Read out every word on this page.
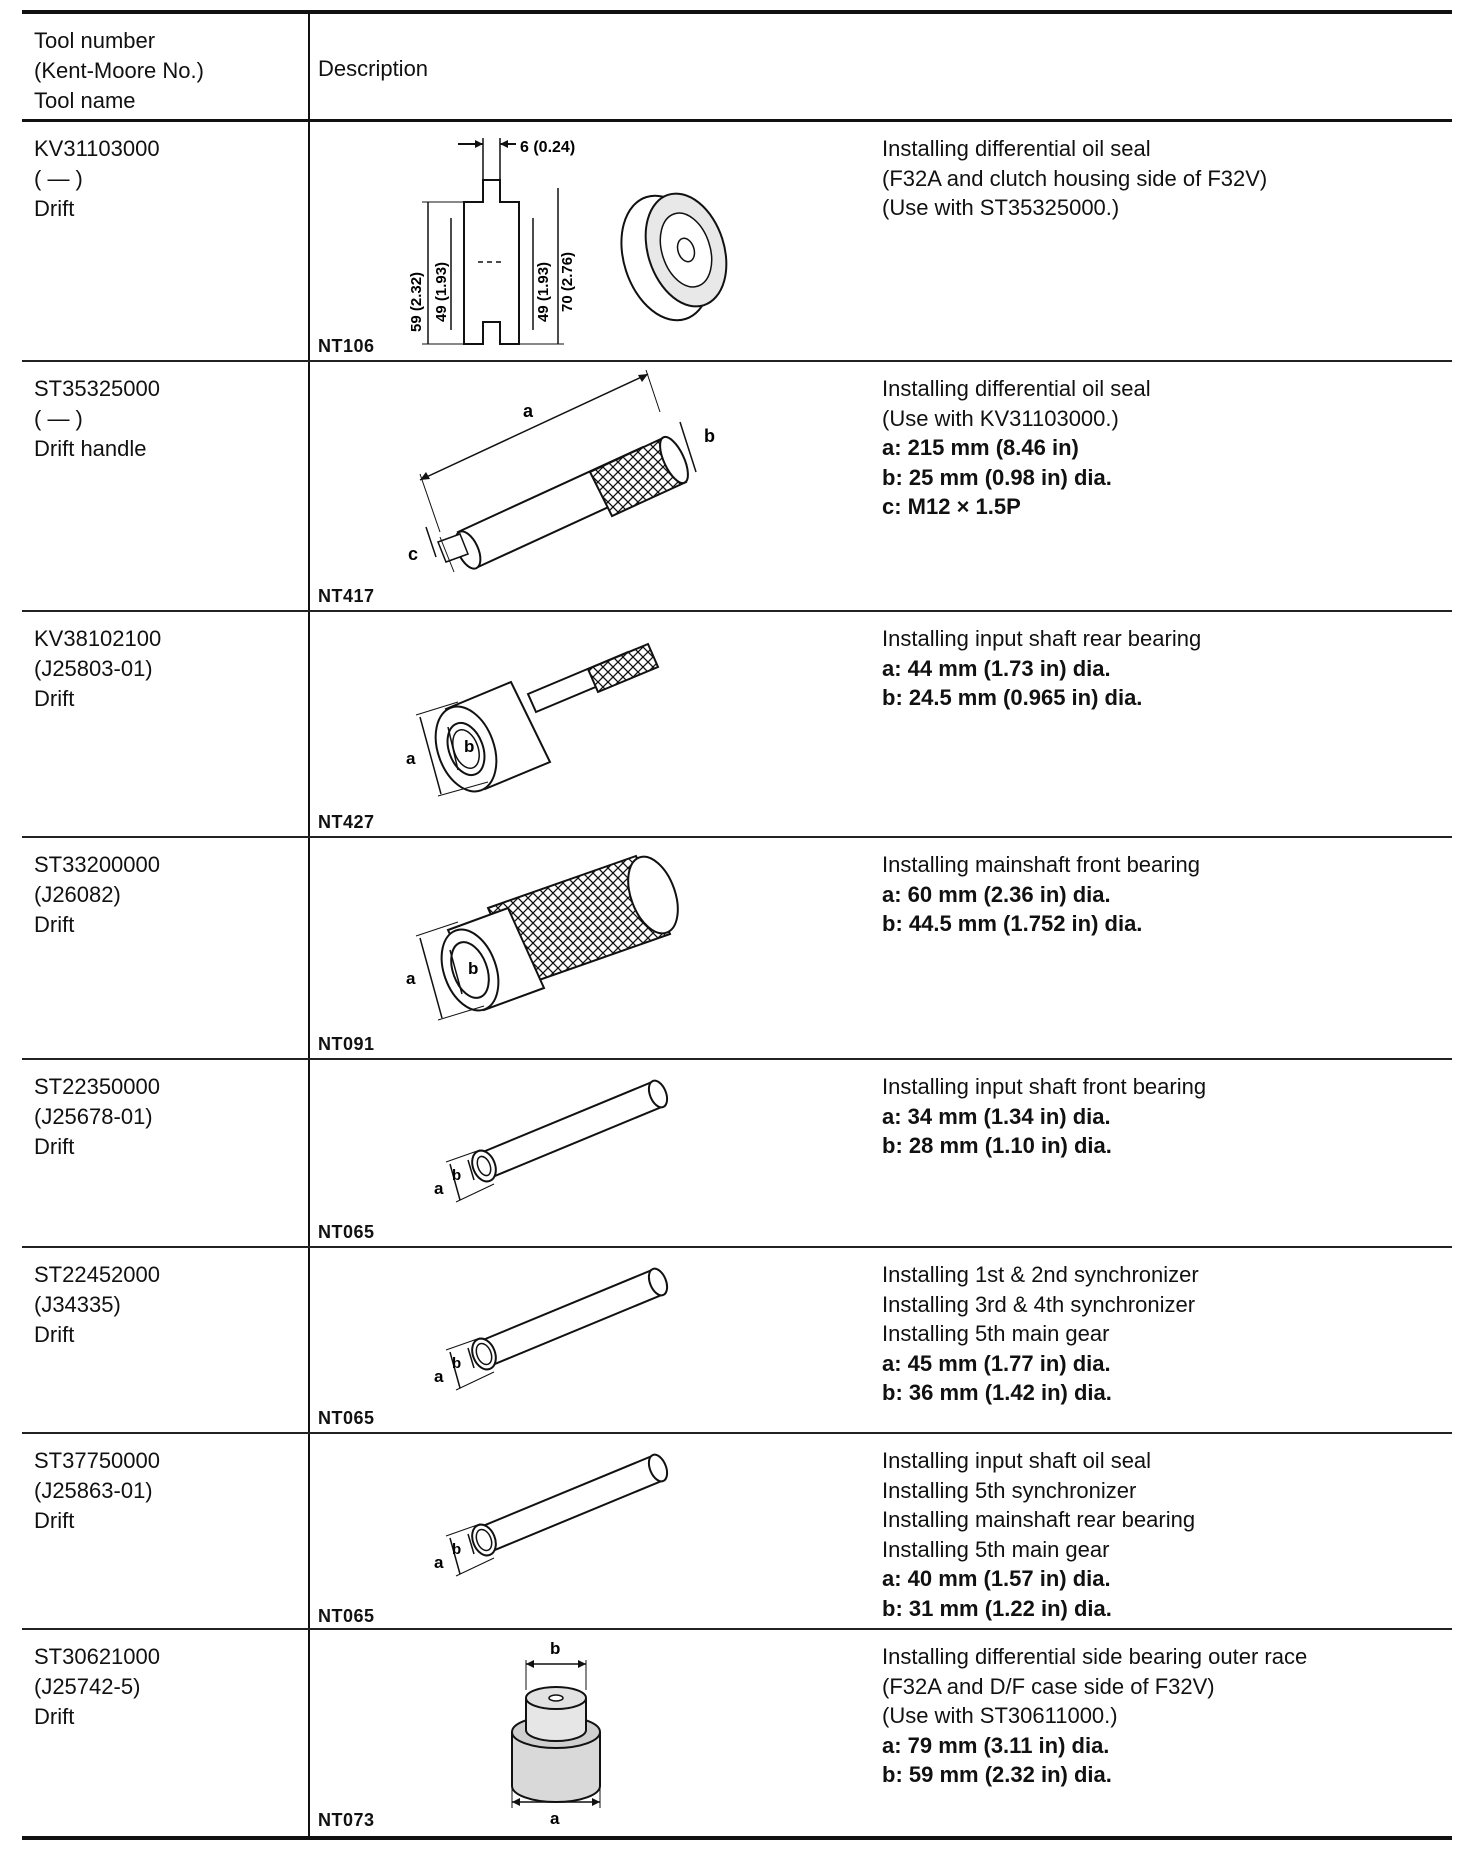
Tool number
(Kent-Moore No.)
Tool name
Description
KV31103000
( — )
Drift
6 (0.24)
59 (2.32) 49 (1.93)	49 (1.93) 70 (2.76)
NT106
Installing differential oil seal
(F32A and clutch housing side of F32V)
(Use with ST35325000.)
ST35325000
( — )
Drift handle
a
b
c
NT417
Installing differential oil seal
(Use with KV31103000.)
a: 215 mm (8.46 in)
b: 25 mm (0.98 in) dia.
c: M12 × 1.5P
KV38102100
(J25803-01)
Drift
a
b
NT427
Installing input shaft rear bearing
a: 44 mm (1.73 in) dia.
b: 24.5 mm (0.965 in) dia.
ST33200000
(J26082)
Drift
a
b
NT091
Installing mainshaft front bearing
a: 60 mm (2.36 in) dia.
b: 44.5 mm (1.752 in) dia.
ST22350000
(J25678-01)
Drift
a
b
NT065
Installing input shaft front bearing
a: 34 mm (1.34 in) dia.
b: 28 mm (1.10 in) dia.
ST22452000
(J34335)
Drift
a
b
NT065
Installing 1st & 2nd synchronizer
Installing 3rd & 4th synchronizer
Installing 5th main gear
a: 45 mm (1.77 in) dia.
b: 36 mm (1.42 in) dia.
ST37750000
(J25863-01)
Drift
a
b
NT065
Installing input shaft oil seal
Installing 5th synchronizer
Installing mainshaft rear bearing
Installing 5th main gear
a: 40 mm (1.57 in) dia.
b: 31 mm (1.22 in) dia.
ST30621000
(J25742-5)
Drift
b
a
NT073
Installing differential side bearing outer race
(F32A and D/F case side of F32V)
(Use with ST30611000.)
a: 79 mm (3.11 in) dia.
b: 59 mm (2.32 in) dia.
